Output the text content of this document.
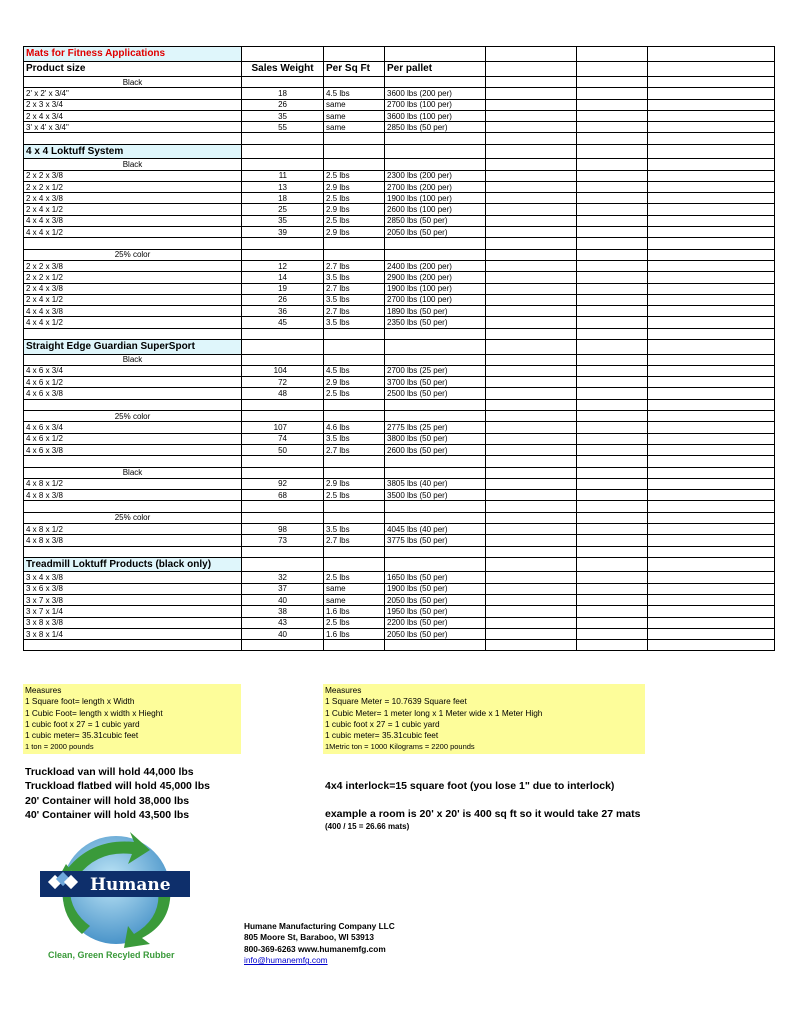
Mats for Fitness Applications						
Product size	Sales Weight	Per Sq Ft	Per pallet			
Black						
2' x 2' x 3/4"	18	4.5 lbs	3600 lbs (200 per)			
2 x 3 x 3/4	26	same	2700 lbs (100 per)			
2 x 4 x 3/4	35	same	3600 lbs (100 per)			
3' x 4' x 3/4"	55	same	2850 lbs (50 per)			

4 x 4 Loktuff System						
Black						
2 x 2 x 3/8	11	2.5 lbs	2300 lbs (200 per)			
2 x 2 x 1/2	13	2.9 lbs	2700 lbs (200 per)			
2 x 4 x 3/8	18	2.5 lbs	1900 lbs (100 per)			
2 x 4 x 1/2	25	2.9 lbs	2600 lbs (100 per)			
4 x 4 x 3/8	35	2.5 lbs	2850 lbs (50 per)			
4 x 4 x 1/2	39	2.9 lbs	2050 lbs (50 per)			

25% color						
2 x 2 x 3/8	12	2.7 lbs	2400 lbs (200 per)			
2 x 2 x 1/2	14	3.5 lbs	2900 lbs (200 per)			
2 x 4 x 3/8	19	2.7 lbs	1900 lbs (100 per)			
2 x 4 x 1/2	26	3.5 lbs	2700 lbs (100 per)			
4 x 4 x 3/8	36	2.7 lbs	1890 lbs (50 per)			
4 x 4 x 1/2	45	3.5 lbs	2350 lbs (50 per)			

Straight Edge Guardian SuperSport						
Black						
4 x 6 x 3/4	104	4.5 lbs	2700 lbs (25 per)			
4 x 6 x 1/2	72	2.9 lbs	3700 lbs (50 per)			
4 x 6 x 3/8	48	2.5 lbs	2500 lbs (50 per)			

25% color						
4 x 6 x 3/4	107	4.6 lbs	2775 lbs (25 per)			
4 x 6 x 1/2	74	3.5 lbs	3800 lbs (50 per)			
4 x 6 x 3/8	50	2.7 lbs	2600 lbs (50 per)			

Black						
4 x 8 x 1/2	92	2.9 lbs	3805 lbs (40 per)			
4 x 8 x 3/8	68	2.5 lbs	3500 lbs (50 per)			

25% color						
4 x 8 x 1/2	98	3.5 lbs	4045 lbs (40 per)			
4 x 8 x 3/8	73	2.7 lbs	3775 lbs (50 per)			

Treadmill Loktuff Products (black only)						
3 x 4 x 3/8	32	2.5 lbs	1650 lbs (50 per)			
3 x 6 x 3/8	37	same	1900 lbs (50 per)			
3 x 7 x 3/8	40	same	2050 lbs (50 per)			
3 x 7 x 1/4	38	1.6 lbs	1950 lbs (50 per)			
3 x 8 x 3/8	43	2.5 lbs	2200 lbs (50 per)			
3 x 8 x 1/4	40	1.6 lbs	2050 lbs (50 per)			

Measures
1 Square foot= length x Width
1 Cubic Foot= length x width x Hieght
1 cubic foot x 27 = 1 cubic yard
1 cubic meter= 35.31cubic feet
1 ton = 2000 pounds
Measures
1 Square Meter = 10.7639 Square feet
1 Cubic Meter= 1 meter long x 1 Meter wide x 1 Meter High
1 cubic foot x 27 = 1 cubic yard
1 cubic meter= 35.31cubic feet
1Metric ton = 1000 Kilograms = 2200 pounds
Truckload van will hold 44,000 lbs
Truckload flatbed will hold 45,000 lbs
20' Container will hold 38,000 lbs
40' Container will hold 43,500 lbs
4x4 interlock=15 square foot (you lose 1" due to interlock)
example a room is 20' x 20' is 400 sq ft so it would take 27 mats
(400 / 15 = 26.66 mats)
Humane
Clean, Green Recyled Rubber
Humane Manufacturing Company LLC
805 Moore St, Baraboo, WI 53913
800-369-6263 www.humanemfg.com
info@humanemfg.com
